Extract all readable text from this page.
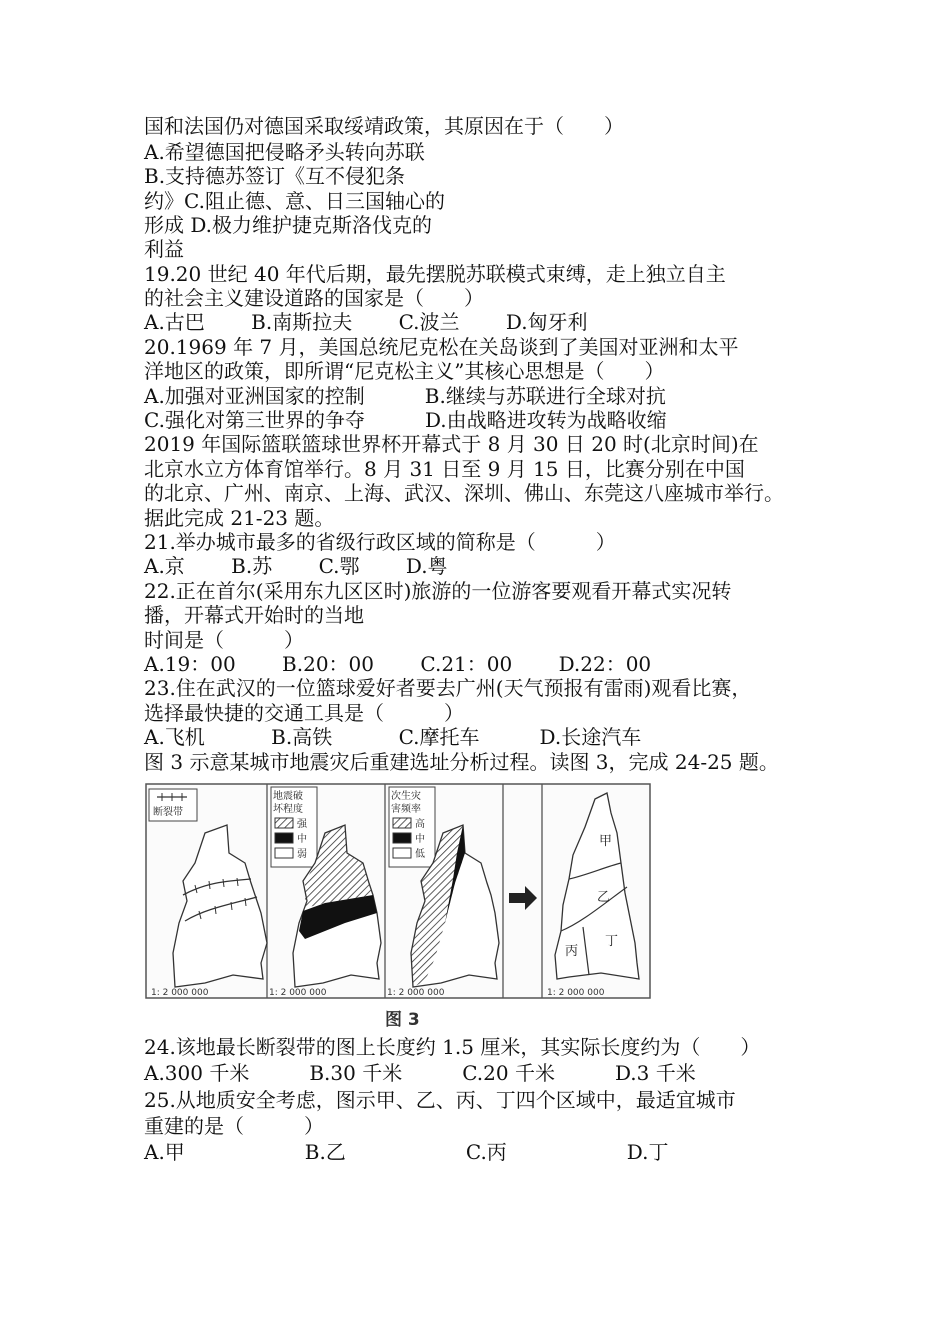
国和法国仍对德国采取绥靖政策，其原因在于（　　）
A.希望德国把侵略矛头转向苏联
B.支持德苏签订《互不侵犯条
约》C.阻止德、意、日三国轴心的
形成 D.极力维护捷克斯洛伐克的
利益
19.20 世纪 40 年代后期，最先摆脱苏联模式束缚，走上独立自主
的社会主义建设道路的国家是（　　）
A.古巴　　 B.南斯拉夫　　 C.波兰　　 D.匈牙利
20.1969 年 7 月，美国总统尼克松在关岛谈到了美国对亚洲和太平
洋地区的政策，即所谓“尼克松主义”其核心思想是（　　）
A.加强对亚洲国家的控制　　　B.继续与苏联进行全球对抗
C.强化对第三世界的争夺　　　D.由战略进攻转为战略收缩
2019 年国际篮联篮球世界杯开幕式于 8 月 30 日 20 时(北京时间)在
北京水立方体育馆举行。8 月 31 日至 9 月 15 日，比赛分别在中国
的北京、广州、南京、上海、武汉、深圳、佛山、东莞这八座城市举行。
据此完成 21-23 题。
21.举办城市最多的省级行政区域的简称是（　　　）
A.京　　 B.苏　　 C.鄂　　 D.粤
22.正在首尔(采用东九区区时)旅游的一位游客要观看开幕式实况转
播，开幕式开始时的当地
时间是（　　　）
A.19：00　　 B.20：00　　 C.21：00　　 D.22：00
23.住在武汉的一位篮球爱好者要去广州(天气预报有雷雨)观看比赛，
选择最快捷的交通工具是（　　　）
A.飞机　　　 B.高铁　　　 C.摩托车　　　D.长途汽车
图 3 示意某城市地震灾后重建选址分析过程。读图 3，完成 24-25 题。
断裂带
1: 2 000 000
地震破
坏程度
强
中
弱
1: 2 000 000
次生灾
害频率
高
中
低
1: 2 000 000
甲
乙
丙
丁
1: 2 000 000
图 3
24.该地最长断裂带的图上长度约 1.5 厘米，其实际长度约为（　　）
A.300 千米　　　B.30 千米　　　C.20 千米　　　D.3 千米
25.从地质安全考虑，图示甲、乙、丙、丁四个区域中，最适宜城市
重建的是（　　　）
A.甲　　　　　　B.乙　　　　　　C.丙　　　　　　D.丁
